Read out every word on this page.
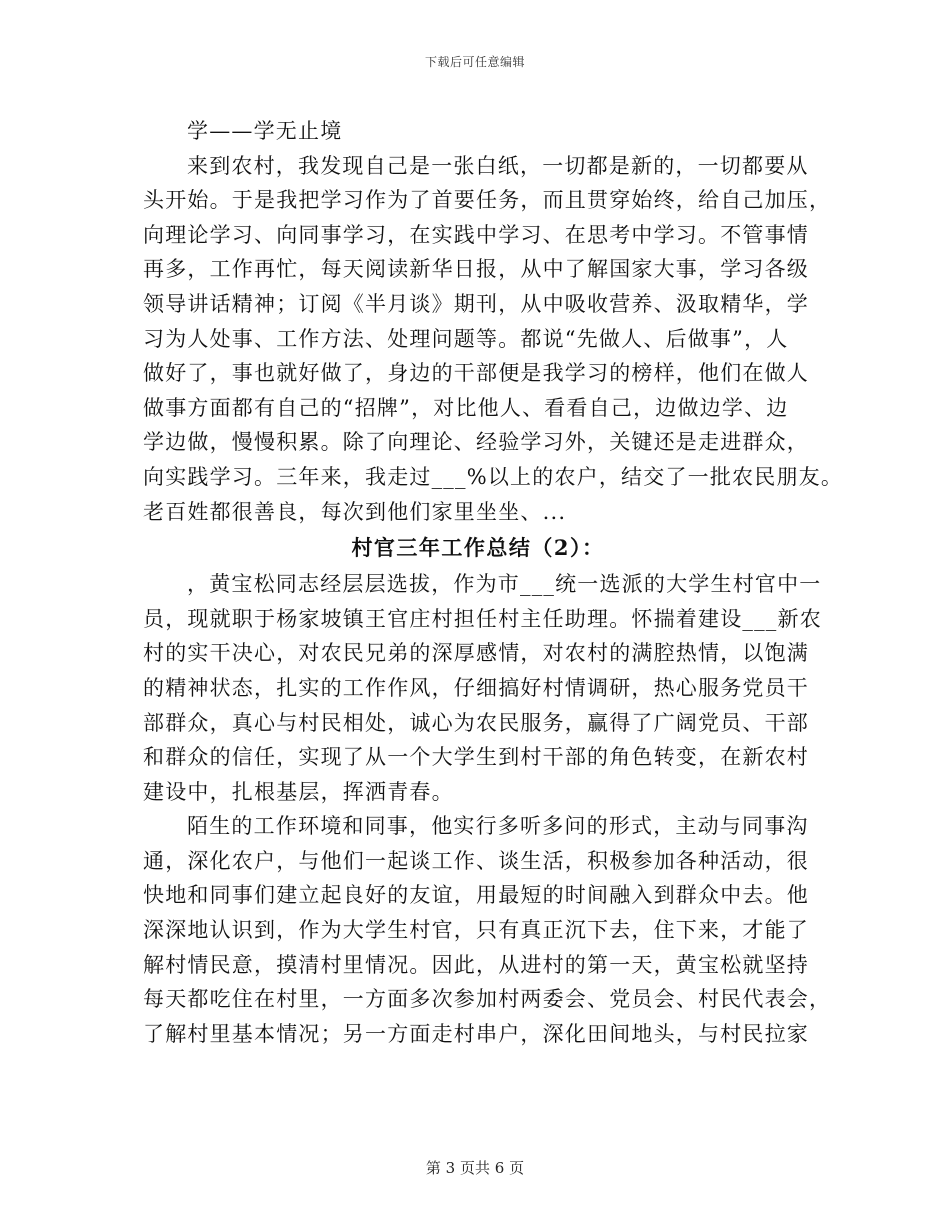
下载后可任意编辑
学——学无止境
来到农村，我发现自己是一张白纸，一切都是新的，一切都要从
头开始。于是我把学习作为了首要任务，而且贯穿始终，给自己加压，
向理论学习、向同事学习，在实践中学习、在思考中学习。不管事情
再多，工作再忙，每天阅读新华日报，从中了解国家大事，学习各级
领导讲话精神；订阅《半月谈》期刊，从中吸收营养、汲取精华，学
习为人处事、工作方法、处理问题等。都说“先做人、后做事”，人
做好了，事也就好做了，身边的干部便是我学习的榜样，他们在做人
做事方面都有自己的“招牌”，对比他人、看看自己，边做边学、边
学边做，慢慢积累。除了向理论、经验学习外，关键还是走进群众，
向实践学习。三年来，我走过___%以上的农户，结交了一批农民朋友。
老百姓都很善良，每次到他们家里坐坐、...
村官三年工作总结（2）：
，黄宝松同志经层层选拔，作为市___统一选派的大学生村官中一
员，现就职于杨家坡镇王官庄村担任村主任助理。怀揣着建设___新农
村的实干决心，对农民兄弟的深厚感情，对农村的满腔热情，以饱满
的精神状态，扎实的工作作风，仔细搞好村情调研，热心服务党员干
部群众，真心与村民相处，诚心为农民服务，赢得了广阔党员、干部
和群众的信任，实现了从一个大学生到村干部的角色转变，在新农村
建设中，扎根基层，挥洒青春。
陌生的工作环境和同事，他实行多听多问的形式，主动与同事沟
通，深化农户，与他们一起谈工作、谈生活，积极参加各种活动，很
快地和同事们建立起良好的友谊，用最短的时间融入到群众中去。他
深深地认识到，作为大学生村官，只有真正沉下去，住下来，才能了
解村情民意，摸清村里情况。因此，从进村的第一天，黄宝松就坚持
每天都吃住在村里，一方面多次参加村两委会、党员会、村民代表会，
了解村里基本情况；另一方面走村串户，深化田间地头，与村民拉家
第 3 页共 6 页
